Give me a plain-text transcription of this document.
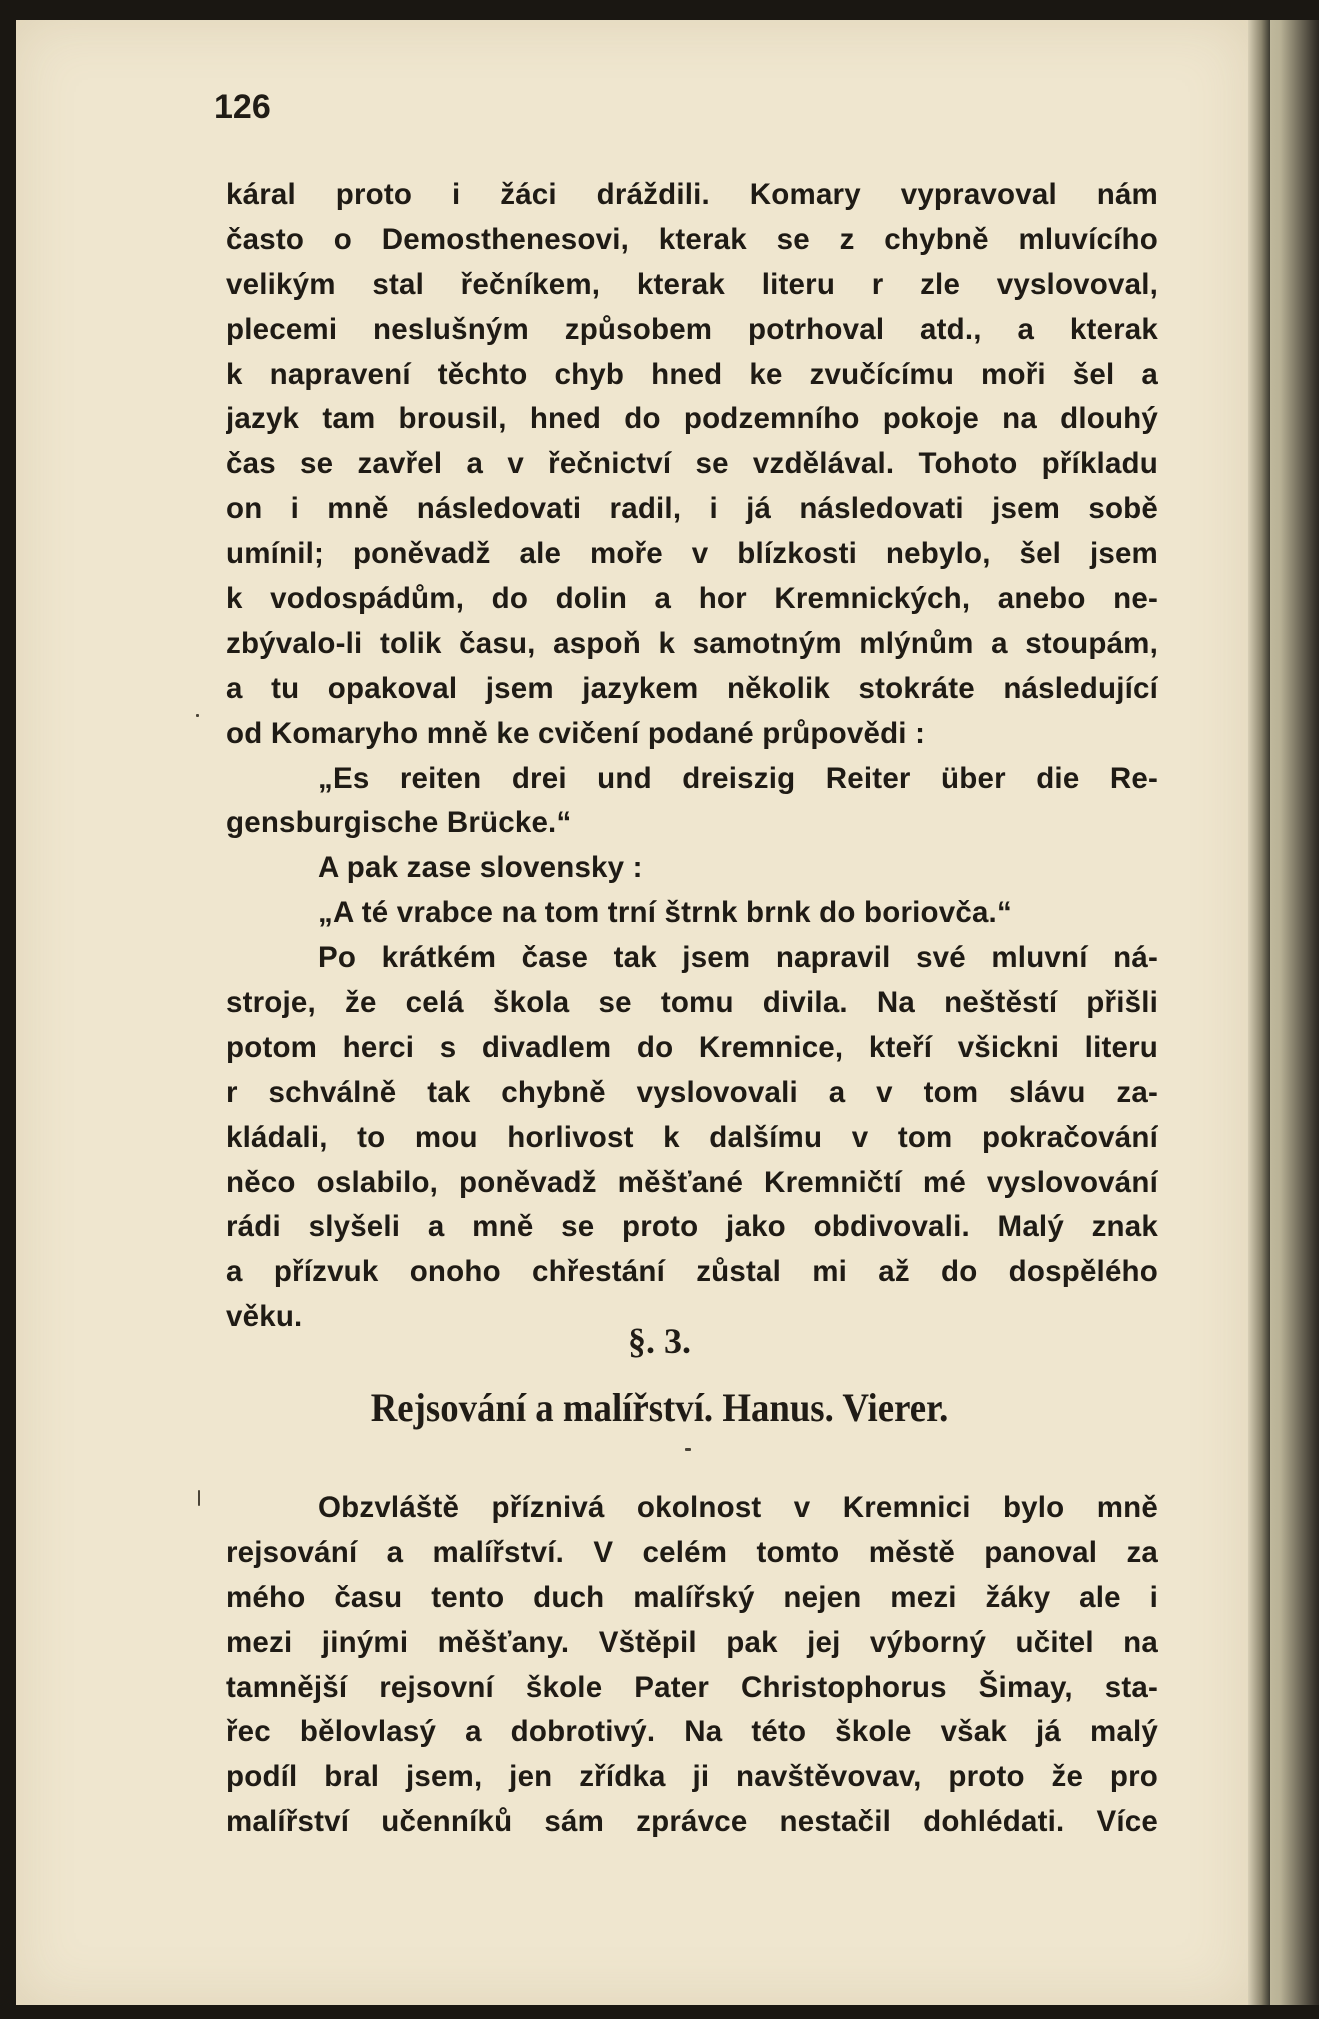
126
káral proto i žáci dráždili. Komary vypravoval nám
často o Demosthenesovi, kterak se z chybně mluvícího
velikým stal řečníkem, kterak literu r zle vyslovoval,
plecemi neslušným způsobem potrhoval atd., a kterak
k napravení těchto chyb hned ke zvučícímu moři šel a
jazyk tam brousil, hned do podzemního pokoje na dlouhý
čas se zavřel a v řečnictví se vzdělával. Tohoto příkladu
on i mně následovati radil, i já následovati jsem sobě
umínil; poněvadž ale moře v blízkosti nebylo, šel jsem
k vodospádům, do dolin a hor Kremnických, anebo ne-
zbývalo-li tolik času, aspoň k samotným mlýnům a stoupám,
a tu opakoval jsem jazykem několik stokráte následující
od Komaryho mně ke cvičení podané průpovědi :
„Es reiten drei und dreiszig Reiter über die Re-
gensburgische Brücke.“
A pak zase slovensky :
„A té vrabce na tom trní štrnk brnk do boriovča.“
Po krátkém čase tak jsem napravil své mluvní ná-
stroje, že celá škola se tomu divila. Na neštěstí přišli
potom herci s divadlem do Kremnice, kteří všickni literu
r schválně tak chybně vyslovovali a v tom slávu za-
kládali, to mou horlivost k dalšímu v tom pokračování
něco oslabilo, poněvadž měšťané Kremničtí mé vyslovování
rádi slyšeli a mně se proto jako obdivovali. Malý znak
a přízvuk onoho chřestání zůstal mi až do dospělého
věku.
§. 3.
Rejsování a malířství. Hanus. Vierer.
Obzvláště příznivá okolnost v Kremnici bylo mně
rejsování a malířství. V celém tomto městě panoval za
mého času tento duch malířský nejen mezi žáky ale i
mezi jinými měšťany. Vštěpil pak jej výborný učitel na
tamnější rejsovní škole Pater Christophorus Šimay, sta-
řec bělovlasý a dobrotivý. Na této škole však já malý
podíl bral jsem, jen zřídka ji navštěvovav, proto že pro
malířství učenníků sám zprávce nestačil dohlédati. Více
